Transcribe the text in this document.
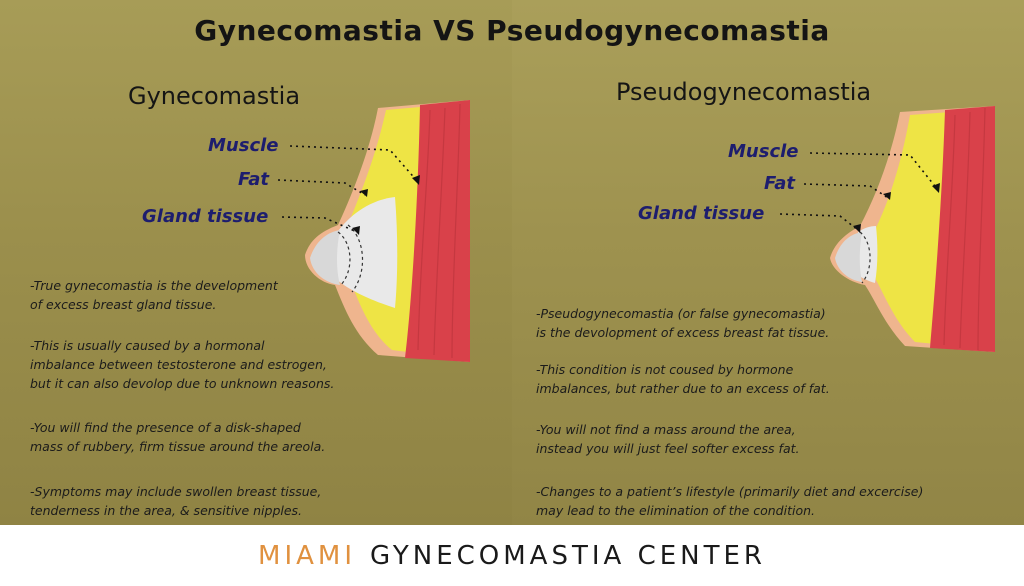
Gynecomastia VS Pseudogynecomastia
Gynecomastia
Muscle
Fat
Gland tissue
-True gynecomastia is the development
of excess breast gland tissue.
-This is usually caused by a hormonal
imbalance between testosterone and estrogen,
but it can also devolop due to unknown reasons.
-You will find the presence of a disk-shaped
mass of rubbery, firm tissue around the areola.
-Symptoms may include swollen breast tissue,
tenderness in the area, & sensitive nipples.
Pseudogynecomastia
Muscle
Fat
Gland tissue
-Pseudogynecomastia (or false gynecomastia)
is the devolopment of excess breast fat tissue.
-This condition is not coused by hormone
imbalances, but rather due to an excess of fat.
-You will not find a mass around the area,
instead you will just feel softer excess fat.
-Changes to a patient’s lifestyle (primarily diet and excercise)
may lead to the elimination of the condition.
MIAMI GYNECOMASTIA CENTER
